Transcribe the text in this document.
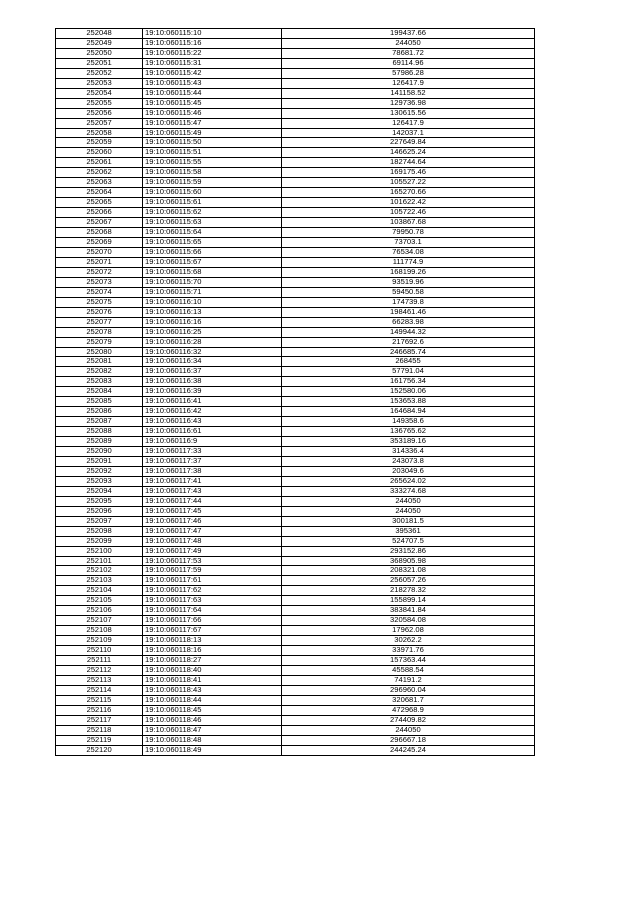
252048	19:10:060115:10	199437.66
252049	19:10:060115:16	244050
252050	19:10:060115:22	78681.72
252051	19:10:060115:31	69114.96
252052	19:10:060115:42	57986.28
252053	19:10:060115:43	126417.9
252054	19:10:060115:44	141158.52
252055	19:10:060115:45	129736.98
252056	19:10:060115:46	130615.56
252057	19:10:060115:47	126417.9
252058	19:10:060115:49	142037.1
252059	19:10:060115:50	227649.84
252060	19:10:060115:51	146625.24
252061	19:10:060115:55	182744.64
252062	19:10:060115:58	169175.46
252063	19:10:060115:59	105527.22
252064	19:10:060115:60	165270.66
252065	19:10:060115:61	101622.42
252066	19:10:060115:62	105722.46
252067	19:10:060115:63	103867.68
252068	19:10:060115:64	79950.78
252069	19:10:060115:65	73703.1
252070	19:10:060115:66	76534.08
252071	19:10:060115:67	111774.9
252072	19:10:060115:68	168199.26
252073	19:10:060115:70	93519.96
252074	19:10:060115:71	59450.58
252075	19:10:060116:10	174739.8
252076	19:10:060116:13	198461.46
252077	19:10:060116:16	66283.98
252078	19:10:060116:25	149944.32
252079	19:10:060116:28	217692.6
252080	19:10:060116:32	246685.74
252081	19:10:060116:34	268455
252082	19:10:060116:37	57791.04
252083	19:10:060116:38	161756.34
252084	19:10:060116:39	152580.06
252085	19:10:060116:41	153653.88
252086	19:10:060116:42	164684.94
252087	19:10:060116:43	149358.6
252088	19:10:060116:61	136765.62
252089	19:10:060116:9	353189.16
252090	19:10:060117:33	314336.4
252091	19:10:060117:37	243073.8
252092	19:10:060117:38	203049.6
252093	19:10:060117:41	265624.02
252094	19:10:060117:43	333274.68
252095	19:10:060117:44	244050
252096	19:10:060117:45	244050
252097	19:10:060117:46	300181.5
252098	19:10:060117:47	395361
252099	19:10:060117:48	524707.5
252100	19:10:060117:49	293152.86
252101	19:10:060117:53	368905.98
252102	19:10:060117:59	208321.08
252103	19:10:060117:61	256057.26
252104	19:10:060117:62	218278.32
252105	19:10:060117:63	155899.14
252106	19:10:060117:64	383841.84
252107	19:10:060117:66	320584.08
252108	19:10:060117:67	17962.08
252109	19:10:060118:13	30262.2
252110	19:10:060118:16	33971.76
252111	19:10:060118:27	157363.44
252112	19:10:060118:40	45588.54
252113	19:10:060118:41	74191.2
252114	19:10:060118:43	296960.04
252115	19:10:060118:44	320681.7
252116	19:10:060118:45	472968.9
252117	19:10:060118:46	274409.82
252118	19:10:060118:47	244050
252119	19:10:060118:48	296667.18
252120	19:10:060118:49	244245.24
